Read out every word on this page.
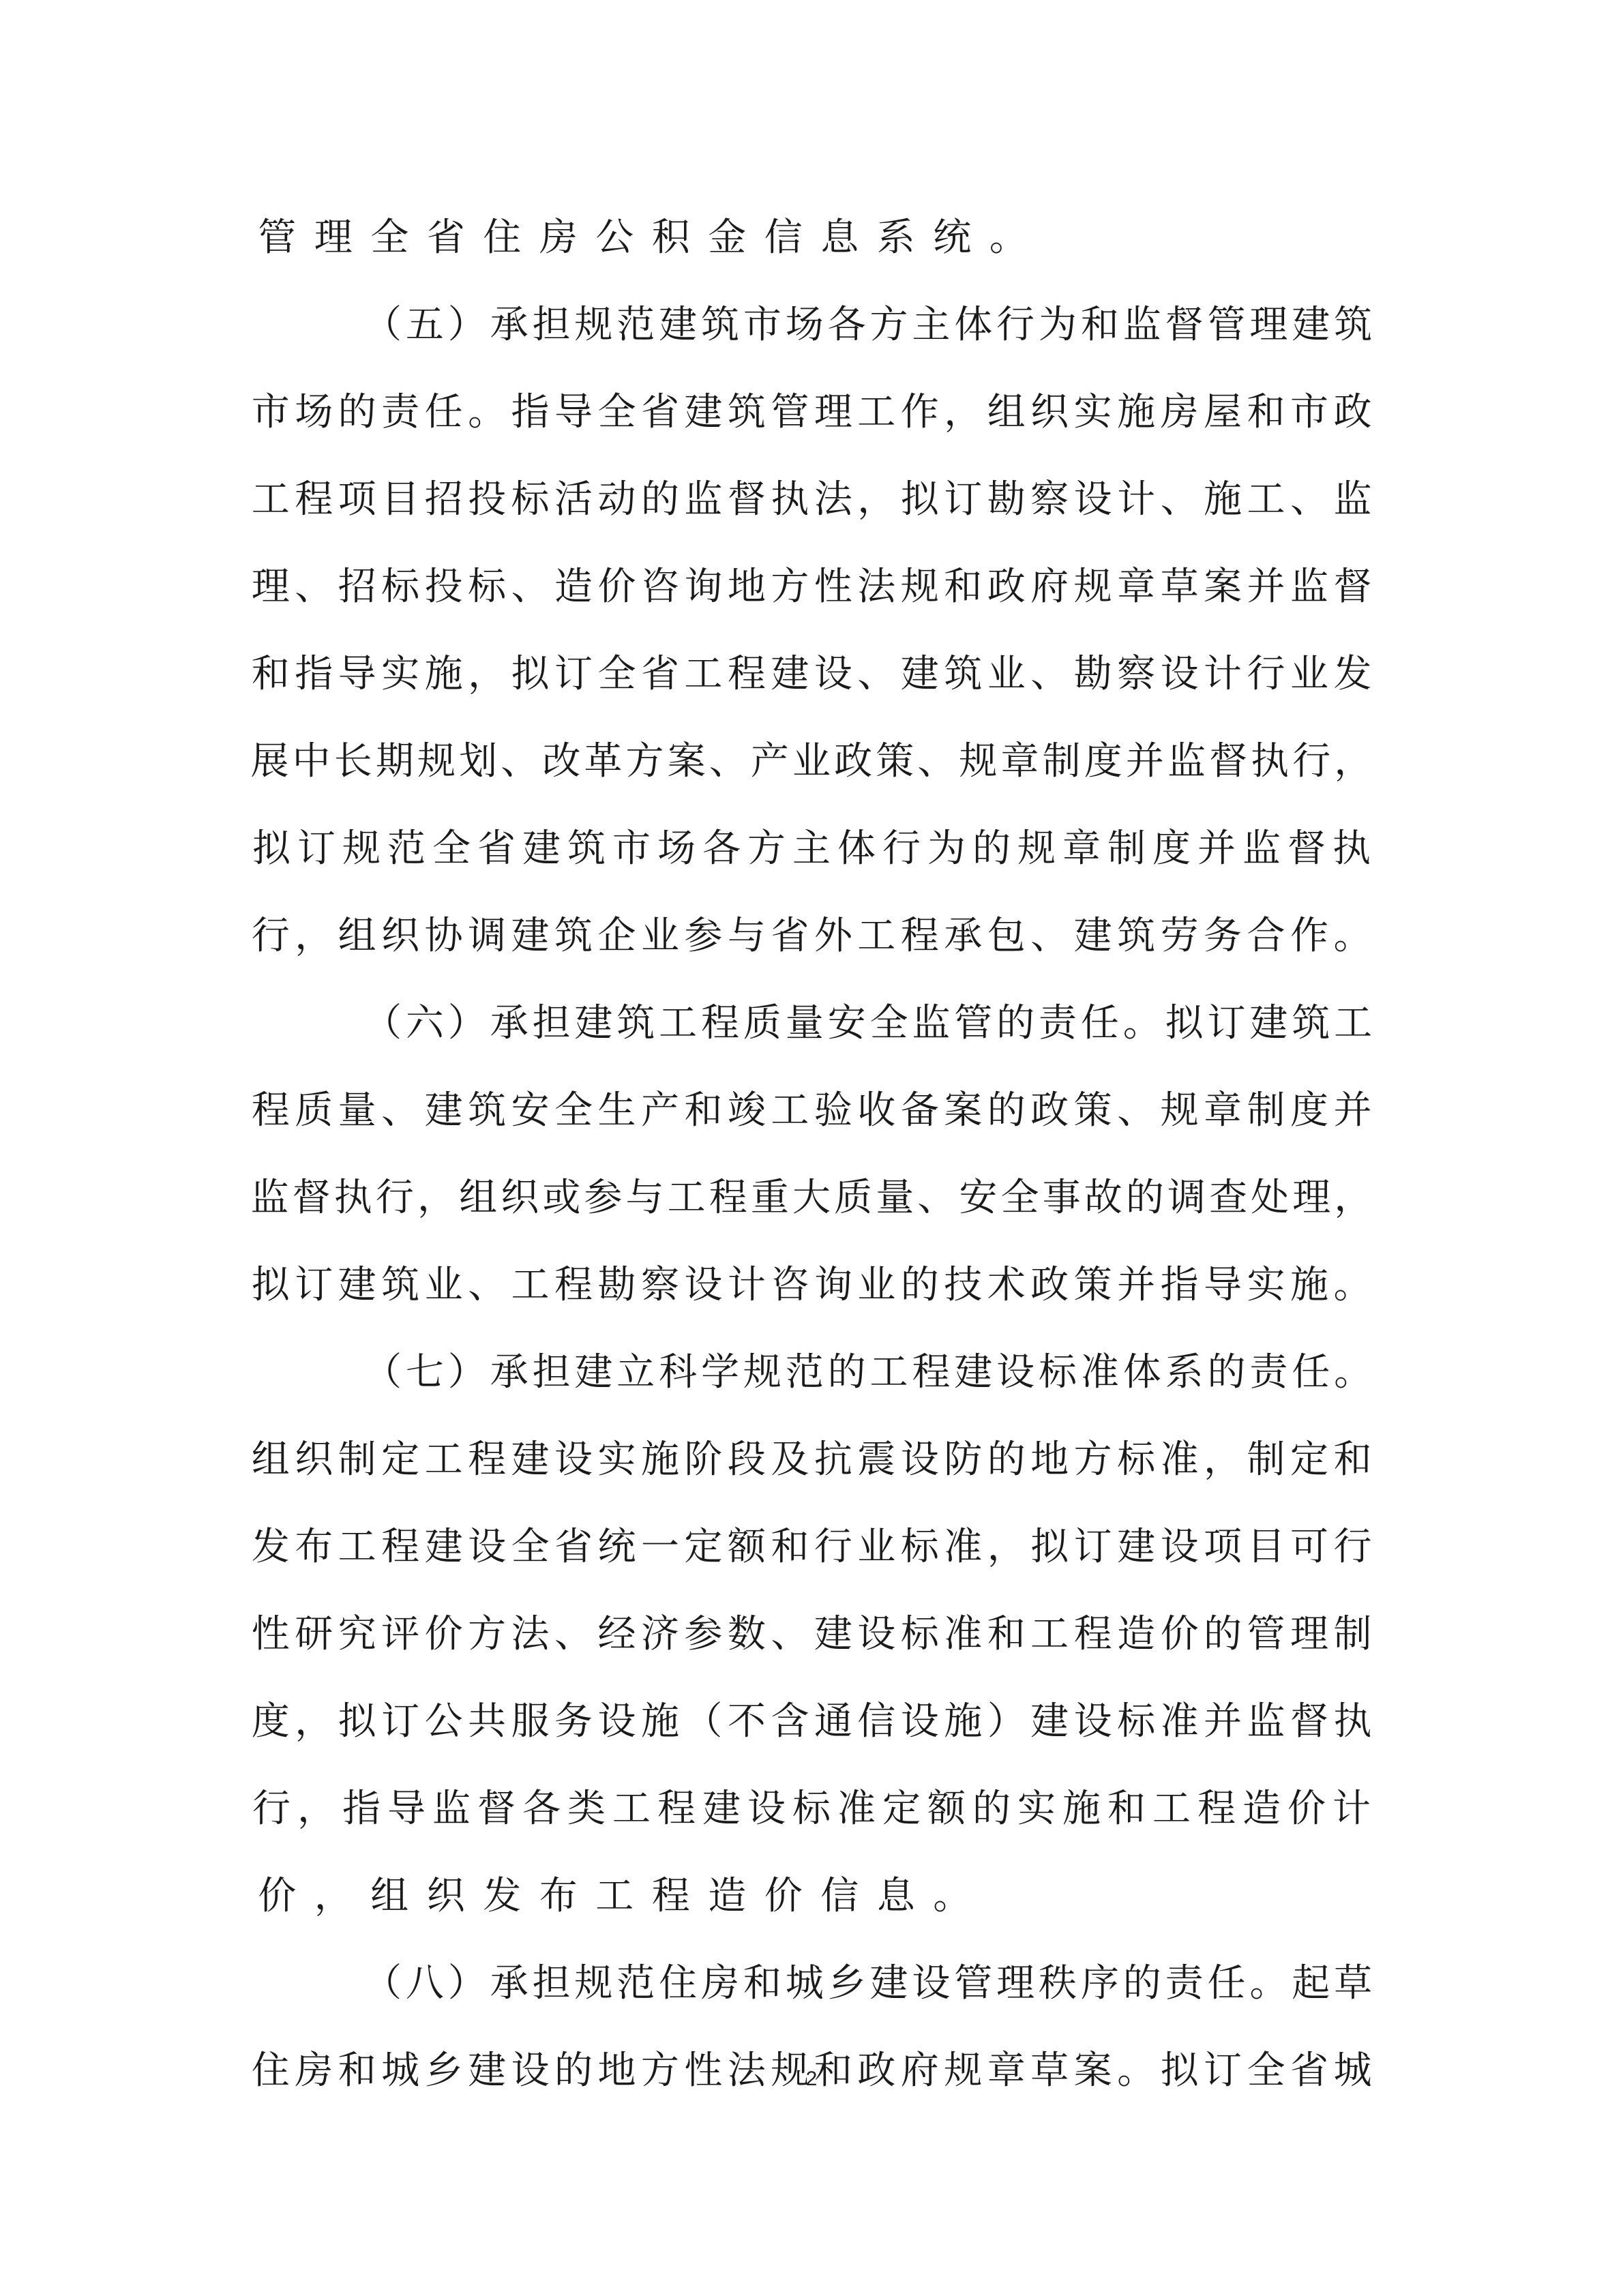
管 理 全 省 住 房 公 积 金 信 息 系 统 。
（ 五 ） 承 担 规 范 建 筑 市 场 各 方 主 体 行 为 和 监 督 管 理 建 筑
市 场 的 责 任 。 指 导 全 省 建 筑 管 理 工 作 ， 组 织 实 施 房 屋 和 市 政
工 程 项 目 招 投 标 活 动 的 监 督 执 法 ， 拟 订 勘 察 设 计 、 施 工 、 监
理 、 招 标 投 标 、 造 价 咨 询 地 方 性 法 规 和 政 府 规 章 草 案 并 监 督
和 指 导 实 施 ， 拟 订 全 省 工 程 建 设 、 建 筑 业 、 勘 察 设 计 行 业 发
展 中 长 期 规 划 、 改 革 方 案 、 产 业 政 策 、 规 章 制 度 并 监 督 执 行 ，
拟 订 规 范 全 省 建 筑 市 场 各 方 主 体 行 为 的 规 章 制 度 并 监 督 执
行 ， 组 织 协 调 建 筑 企 业 参 与 省 外 工 程 承 包 、 建 筑 劳 务 合 作 。
（ 六 ） 承 担 建 筑 工 程 质 量 安 全 监 管 的 责 任 。 拟 订 建 筑 工
程 质 量 、 建 筑 安 全 生 产 和 竣 工 验 收 备 案 的 政 策 、 规 章 制 度 并
监 督 执 行 ， 组 织 或 参 与 工 程 重 大 质 量 、 安 全 事 故 的 调 查 处 理 ，
拟 订 建 筑 业 、 工 程 勘 察 设 计 咨 询 业 的 技 术 政 策 并 指 导 实 施 。
（ 七 ） 承 担 建 立 科 学 规 范 的 工 程 建 设 标 准 体 系 的 责 任 。
组 织 制 定 工 程 建 设 实 施 阶 段 及 抗 震 设 防 的 地 方 标 准 ， 制 定 和
发 布 工 程 建 设 全 省 统 一 定 额 和 行 业 标 准 ， 拟 订 建 设 项 目 可 行
性 研 究 评 价 方 法 、 经 济 参 数 、 建 设 标 准 和 工 程 造 价 的 管 理 制
度 ， 拟 订 公 共 服 务 设 施 （ 不 含 通 信 设 施 ） 建 设 标 准 并 监 督 执
行 ， 指 导 监 督 各 类 工 程 建 设 标 准 定 额 的 实 施 和 工 程 造 价 计
价 ， 组 织 发 布 工 程 造 价 信 息 。
（ 八 ） 承 担 规 范 住 房 和 城 乡 建 设 管 理 秩 序 的 责 任 。 起 草
住 房 和 城 乡 建 设 的 地 方 性 法 规 和 政 府 规 章 草 案 。 拟 订 全 省 城
2
